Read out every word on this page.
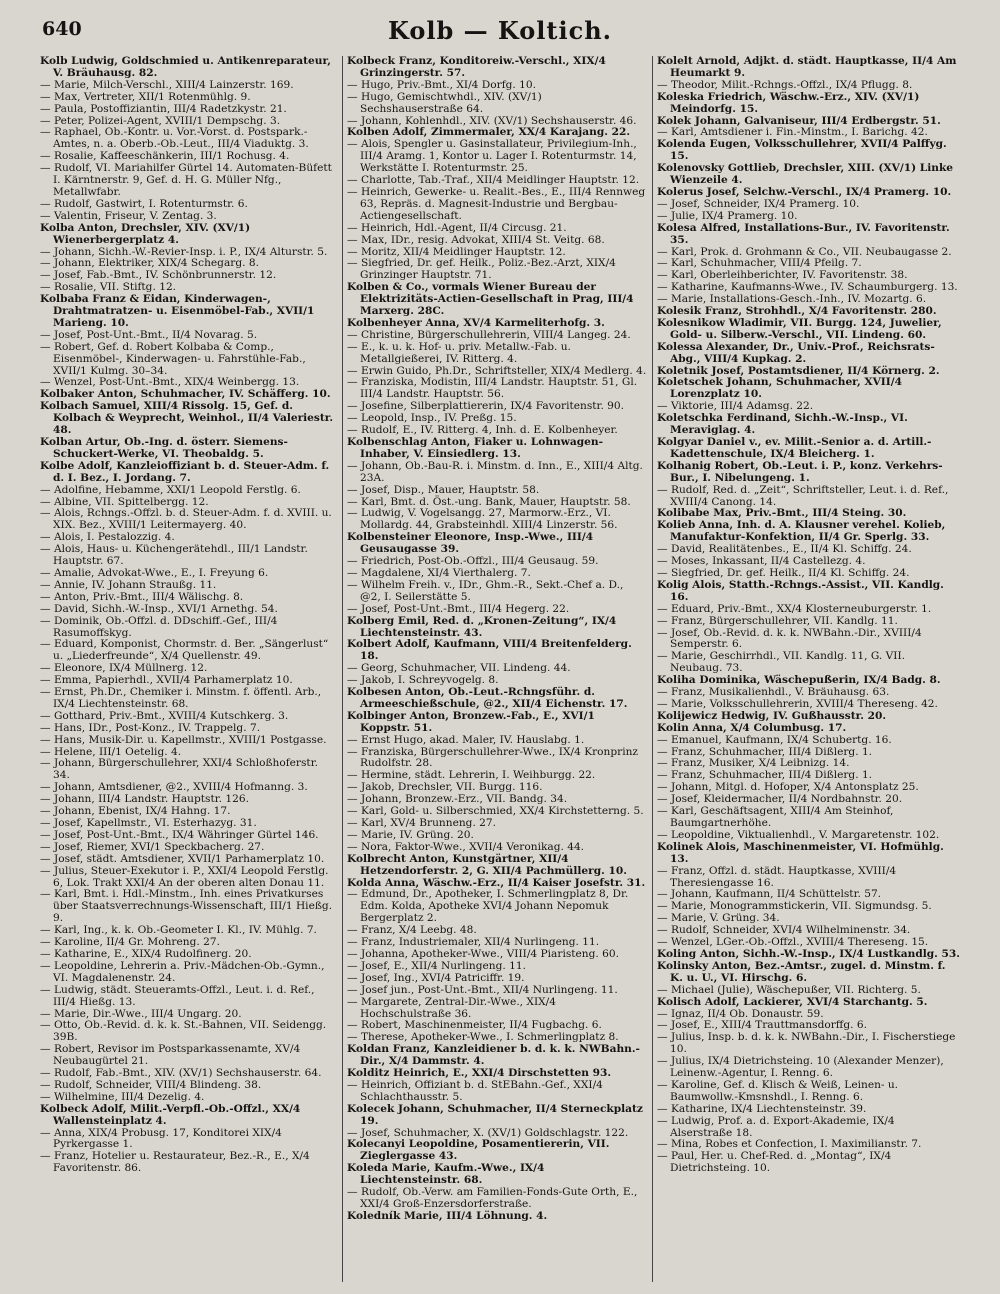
640	Kolb — Koltich.

Kolb Ludwig, Goldschmied u. Antikenreparateur, V. Bräuhausg. 82.

— Marie, Milch-Verschl., XIII/4 Lainzerstr. 169.

— Max, Vertreter, XII/1 Rotenmühlg. 9.

— Paula, Postoffiziantin, III/4 Radetzkystr. 21.

— Peter, Polizei-Agent, XVIII/1 Dempschg. 3.

— Raphael, Ob.-Kontr. u. Vor.-Vorst. d. Postspark.-Amtes, n. a. Oberb.-Ob.-Leut., III/4 Viaduktg. 3.

— Rosalie, Kaffeeschänkerin, III/1 Rochusg. 4.

— Rudolf, VI. Mariahilfer Gürtel 14. Automaten-Büfett I. Kärntnerstr. 9, Gef. d. H. G. Müller Nfg., Metallwfabr.

— Rudolf, Gastwirt, I. Rotenturmstr. 6.

— Valentin, Friseur, V. Zentag. 3.

Kolba Anton, Drechsler, XIV. (XV/1) Wienerbergerplatz 4.

— Johann, Sichh.-W.-Revier-Insp. i. P., IX/4 Alturstr. 5.

— Johann, Elektriker, XIX/4 Schegarg. 8.

— Josef, Fab.-Bmt., IV. Schönbrunnerstr. 12.

— Rosalie, VII. Stiftg. 12.

Kolbaba Franz & Eidan, Kinderwagen-, Drahtmatratzen- u. Eisenmöbel-Fab., XVII/1 Marieng. 10.

— Josef, Post-Unt.-Bmt., II/4 Novarag. 5.

— Robert, Gef. d. Robert Kolbaba & Comp., Eisenmöbel-, Kinderwagen- u. Fahrstühle-Fab., XVII/1 Kulmg. 30–34.

— Wenzel, Post-Unt.-Bmt., XIX/4 Weinbergg. 13.

Kolbaker Anton, Schuhmacher, IV. Schäfferg. 10.

Kolbach Samuel, XIII/4 Rissolg. 15, Gef. d. Kolbach & Weyprecht, Weinhol., II/4 Valeriestr. 48.

Kolban Artur, Ob.-Ing. d. österr. Siemens-Schuckert-Werke, VI. Theobaldg. 5.

Kolbe Adolf, Kanzleioffiziant b. d. Steuer-Adm. f. d. I. Bez., I. Jordang. 7.

— Adolfine, Hebamme, XXI/1 Leopold Ferstlg. 6.

— Albine, VII. Spittelbergg. 12.

— Alois, Rchngs.-Offzl. b. d. Steuer-Adm. f. d. XVIII. u. XIX. Bez., XVIII/1 Leitermayerg. 40.

— Alois, I. Pestalozzig. 4.

— Alois, Haus- u. Küchengerätehdl., III/1 Landstr. Hauptstr. 67.

— Amalie, Advokat-Wwe., E., I. Freyung 6.

— Annie, IV. Johann Straußg. 11.

— Anton, Priv.-Bmt., III/4 Wälischg. 8.

— David, Sichh.-W.-Insp., XVI/1 Arnethg. 54.

— Dominik, Ob.-Offzl. d. DDschiff.-Gef., III/4 Rasumoffskyg.

— Eduard, Komponist, Chormstr. d. Ber. „Sängerlust“ u. „Liederfreunde“, X/4 Quellenstr. 49.

— Eleonore, IX/4 Müllnerg. 12.

— Emma, Papierhdl., XVII/4 Parhamerplatz 10.

— Ernst, Ph.Dr., Chemiker i. Minstm. f. öffentl. Arb., IX/4 Liechtensteinstr. 68.

— Gotthard, Priv.-Bmt., XVIII/4 Kutschkerg. 3.

— Hans, IDr., Post-Konz., IV. Trappelg. 7.

— Hans, Musik-Dir. u. Kapellmstr., XVIII/1 Postgasse.

— Helene, III/1 Oetelig. 4.

— Johann, Bürgerschullehrer, XXI/4 Schloßhoferstr. 34.

— Johann, Amtsdiener, @2., XVIII/4 Hofmanng. 3.

— Johann, III/4 Landstr. Hauptstr. 126.

— Johann, Ebenist, IX/4 Hahng. 17.

— Josef, Kapellmstr., VI. Esterhazyg. 31.

— Josef, Post-Unt.-Bmt., IX/4 Währinger Gürtel 146.

— Josef, Riemer, XVI/1 Speckbacherg. 27.

— Josef, städt. Amtsdiener, XVII/1 Parhamerplatz 10.

— Julius, Steuer-Exekutor i. P., XXI/4 Leopold Ferstlg. 6, Lok. Trakt XXI/4 An der oberen alten Donau 11.

— Karl, Bmt. i. Hdl.-Minstm., Inh. eines Privatkurses über Staatsverrechnungs-Wissenschaft, III/1 Hießg. 9.

— Karl, Ing., k. k. Ob.-Geometer I. Kl., IV. Mühlg. 7.

— Karoline, II/4 Gr. Mohreng. 27.

— Katharine, E., XIX/4 Rudolfinerg. 20.

— Leopoldine, Lehrerin a. Priv.-Mädchen-Ob.-Gymn., VI. Magdalenenstr. 24.

— Ludwig, städt. Steueramts-Offzl., Leut. i. d. Ref., III/4 Hießg. 13.

— Marie, Dir.-Wwe., III/4 Ungarg. 20.

— Otto, Ob.-Revid. d. k. k. St.-Bahnen, VII. Seidengg. 39B.

— Robert, Revisor im Postsparkassenamte, XV/4 Neubaugürtel 21.

— Rudolf, Fab.-Bmt., XIV. (XV/1) Sechshauserstr. 64.

— Rudolf, Schneider, VIII/4 Blindeng. 38.

— Wilhelmine, III/4 Dezelig. 4.

Kolbeck Adolf, Milit.-Verpfl.-Ob.-Offzl., XX/4 Wallensteinplatz 4.

— Anna, XIX/4 Probusg. 17, Konditorei XIX/4 Pyrkergasse 1.

— Franz, Hotelier u. Restaurateur, Bez.-R., E., X/4 Favoritenstr. 86.

Kolbeck Franz, Konditoreiw.-Verschl., XIX/4 Grinzingerstr. 57.

— Hugo, Priv.-Bmt., XI/4 Dorfg. 10.

— Hugo, Gemischtwhdl., XIV. (XV/1) Sechshauserstraße 64.

— Johann, Kohlenhdl., XIV. (XV/1) Sechshauserstr. 46.

Kolben Adolf, Zimmermaler, XX/4 Karajang. 22.

— Alois, Spengler u. Gasinstallateur, Privilegium-Inh., III/4 Aramg. 1, Kontor u. Lager I. Rotenturmstr. 14, Werkstätte I. Rotenturmstr. 25.

— Charlotte, Tab.-Traf., XII/4 Meidlinger Hauptstr. 12.

— Heinrich, Gewerke- u. Realit.-Bes., E., III/4 Rennweg 63, Repräs. d. Magnesit-Industrie und Bergbau-Actiengesellschaft.

— Heinrich, Hdl.-Agent, II/4 Circusg. 21.

— Max, IDr., resig. Advokat, XIII/4 St. Veitg. 68.

— Moritz, XII/4 Meidlinger Hauptstr. 12.

— Siegfried, Dr. gef. Heilk., Poliz.-Bez.-Arzt, XIX/4 Grinzinger Hauptstr. 71.

Kolben & Co., vormals Wiener Bureau der Elektrizitäts-Actien-Gesellschaft in Prag, III/4 Marxerg. 28C.

Kolbenheyer Anna, XV/4 Karmeliterhofg. 3.

— Christine, Bürgerschullehrerin, VIII/4 Langeg. 24.

— E., k. u. k. Hof- u. priv. Metallw.-Fab. u. Metallgießerei, IV. Ritterg. 4.

— Erwin Guido, Ph.Dr., Schriftsteller, XIX/4 Medlerg. 4.

— Franziska, Modistin, III/4 Landstr. Hauptstr. 51, Gl. III/4 Landstr. Hauptstr. 56.

— Josefine, Silberplattiererin, IX/4 Favoritenstr. 90.

— Leopold, Insp., IV. Preßg. 15.

— Rudolf, E., IV. Ritterg. 4, Inh. d. E. Kolbenheyer.

Kolbenschlag Anton, Fiaker u. Lohnwagen-Inhaber, V. Einsiedlerg. 13.

— Johann, Ob.-Bau-R. i. Minstm. d. Inn., E., XIII/4 Altg. 23A.

— Josef, Disp., Mauer, Hauptstr. 58.

— Karl, Bmt. d. Öst.-ung. Bank, Mauer, Hauptstr. 58.

— Ludwig, V. Vogelsangg. 27, Marmorw.-Erz., VI. Mollardg. 44, Grabsteinhdl. XIII/4 Linzerstr. 56.

Kolbensteiner Eleonore, Insp.-Wwe., III/4 Geusaugasse 39.

— Friedrich, Post-Ob.-Offzl., III/4 Geusaug. 59.

— Magdalene, XI/4 Vierthalerg. 7.

— Wilhelm Freih. v., IDr., Ghm.-R., Sekt.-Chef a. D., @2, I. Seilerstätte 5.

— Josef, Post-Unt.-Bmt., III/4 Hegerg. 22.

Kolberg Emil, Red. d. „Kronen-Zeitung“, IX/4 Liechtensteinstr. 43.

Kolbert Adolf, Kaufmann, VIII/4 Breitenfelderg. 18.

— Georg, Schuhmacher, VII. Lindeng. 44.

— Jakob, I. Schreyvogelg. 8.

Kolbesen Anton, Ob.-Leut.-Rchngsführ. d. Armeeschießschule, @2., XII/4 Eichenstr. 17.

Kolbinger Anton, Bronzew.-Fab., E., XVI/1 Koppstr. 51.

— Ernst Hugo, akad. Maler, IV. Hauslabg. 1.

— Franziska, Bürgerschullehrer-Wwe., IX/4 Kronprinz Rudolfstr. 28.

— Hermine, städt. Lehrerin, I. Weihburgg. 22.

— Jakob, Drechsler, VII. Burgg. 116.

— Johann, Bronzew.-Erz., VII. Bandg. 34.

— Karl, Gold- u. Silberschmied, XX/4 Kirchstetterng. 5.

— Karl, XV/4 Brunneng. 27.

— Marie, IV. Grüng. 20.

— Nora, Faktor-Wwe., XVII/4 Veronikag. 44.

Kolbrecht Anton, Kunstgärtner, XII/4 Hetzendorferstr. 2, G. XII/4 Pachmüllerg. 10.

Kolda Anna, Wäschw.-Erz., II/4 Kaiser Josefstr. 31.

— Edmund, Dr., Apotheker, I. Schmerlingplatz 8, Dr. Edm. Kolda, Apotheke XVI/4 Johann Nepomuk Bergerplatz 2.

— Franz, X/4 Leebg. 48.

— Franz, Industriemaler, XII/4 Nurlingeng. 11.

— Johanna, Apotheker-Wwe., VIII/4 Piaristeng. 60.

— Josef, E., XII/4 Nurlingeng. 11.

— Josef, Ing., XVI/4 Patriciffr. 19.

— Josef jun., Post-Unt.-Bmt., XII/4 Nurlingeng. 11.

— Margarete, Zentral-Dir.-Wwe., XIX/4 Hochschulstraße 36.

— Robert, Maschinenmeister, II/4 Fugbachg. 6.

— Therese, Apotheker-Wwe., I. Schmerlingplatz 8.

Koldan Franz, Kanzleidiener b. d. k. k. NWBahn.-Dir., X/4 Dammstr. 4.

Kolditz Heinrich, E., XXI/4 Dirschstetten 93.

— Heinrich, Offiziant b. d. StEBahn.-Gef., XXI/4 Schlachthausstr. 5.

Kolecek Johann, Schuhmacher, II/4 Sterneckplatz 19.

— Josef, Schuhmacher, X. (XV/1) Goldschlagstr. 122.

Kolecanyi Leopoldine, Posamentiererin, VII. Zieglergasse 43.

Koleda Marie, Kaufm.-Wwe., IX/4 Liechtensteinstr. 68.

— Rudolf, Ob.-Verw. am Familien-Fonds-Gute Orth, E., XXI/4 Groß-Enzersdorferstraße.

Koledník Marie, III/4 Löhnung. 4.

Kolelt Arnold, Adjkt. d. städt. Hauptkasse, II/4 Am Heumarkt 9.

— Theodor, Milit.-Rchngs.-Offzl., IX/4 Pflugg. 8.

Koleska Friedrich, Wäschw.-Erz., XIV. (XV/1) Meindorfg. 15.

Kolek Johann, Galvaniseur, III/4 Erdbergstr. 51.

— Karl, Amtsdiener i. Fin.-Minstm., I. Barichg. 42.

Kolenda Eugen, Volksschullehrer, XVII/4 Palffyg. 15.

Kolenovsky Gottlieb, Drechsler, XIII. (XV/1) Linke Wienzeile 4.

Kolerus Josef, Selchw.-Verschl., IX/4 Pramerg. 10.

— Josef, Schneider, IX/4 Pramerg. 10.

— Julie, IX/4 Pramerg. 10.

Kolesa Alfred, Installations-Bur., IV. Favoritenstr. 35.

— Karl, Prok. d. Grohmann & Co., VII. Neubaugasse 2.

— Karl, Schuhmacher, VIII/4 Pfeilg. 7.

— Karl, Oberleihberichter, IV. Favoritenstr. 38.

— Katharine, Kaufmanns-Wwe., IV. Schaumburgerg. 13.

— Marie, Installations-Gesch.-Inh., IV. Mozartg. 6.

Kolesik Franz, Strohhdl., X/4 Favoritenstr. 280.

Kolesnikow Wladimir, VII. Burgg. 124, Juwelier, Gold- u. Silberw.-Verschl., VII. Lindeng. 60.

Kolessa Alexander, Dr., Univ.-Prof., Reichsrats-Abg., VIII/4 Kupkag. 2.

Koletnik Josef, Postamtsdiener, II/4 Körnerg. 2.

Koletschek Johann, Schuhmacher, XVII/4 Lorenzplatz 10.

— Viktorie, III/4 Adamsg. 22.

Koletschka Ferdinand, Sichh.-W.-Insp., VI. Meraviglag. 4.

Kolgyar Daniel v., ev. Milit.-Senior a. d. Artill.-Kadettenschule, IX/4 Bleicherg. 1.

Kolhanig Robert, Ob.-Leut. i. P., konz. Verkehrs-Bur., I. Nibelungeng. 1.

— Rudolf, Red. d. „Zeit“, Schriftsteller, Leut. i. d. Ref., XVIII/4 Canong. 14.

Kolibabe Max, Priv.-Bmt., III/4 Steing. 30.

Kolieb Anna, Inh. d. A. Klausner verehel. Kolieb, Manufaktur-Konfektion, II/4 Gr. Sperlg. 33.

— David, Realitätenbes., E., II/4 Kl. Schiffg. 24.

— Moses, Inkassant, II/4 Castellezg. 4.

— Siegfried, Dr. gef. Heilk., II/4 Kl. Schiffg. 24.

Kolig Alois, Statth.-Rchngs.-Assist., VII. Kandlg. 16.

— Eduard, Priv.-Bmt., XX/4 Klosterneuburgerstr. 1.

— Franz, Bürgerschullehrer, VII. Kandlg. 11.

— Josef, Ob.-Revid. d. k. k. NWBahn.-Dir., XVIII/4 Semperstr. 6.

— Marie, Geschirrhdl., VII. Kandlg. 11, G. VII. Neubaug. 73.

Koliha Dominika, Wäschepußerin, IX/4 Badg. 8.

— Franz, Musikalienhdl., V. Bräuhausg. 63.

— Marie, Volksschullehrerin, XVIII/4 Thereseng. 42.

Kolijewicz Hedwig, IV. Gußhausstr. 20.

Kolin Anna, X/4 Columbusg. 17.

— Emanuel, Kaufmann, IX/4 Schubertg. 16.

— Franz, Schuhmacher, III/4 Dißlerg. 1.

— Franz, Musiker, X/4 Leibnizg. 14.

— Franz, Schuhmacher, III/4 Dißlerg. 1.

— Johann, Mitgl. d. Hofoper, X/4 Antonsplatz 25.

— Josef, Kleidermacher, II/4 Nordbahnstr. 20.

— Karl, Geschäftsagent, XIII/4 Am Steinhof, Baumgartnerhöhe.

— Leopoldine, Viktualienhdl., V. Margaretenstr. 102.

Kolinek Alois, Maschinenmeister, VI. Hofmühlg. 13.

— Franz, Offzl. d. städt. Hauptkasse, XVIII/4 Theresiengasse 16.

— Johann, Kaufmann, II/4 Schüttelstr. 57.

— Marie, Monogrammstickerin, VII. Sigmundsg. 5.

— Marie, V. Grüng. 34.

— Rudolf, Schneider, XVI/4 Wilhelminenstr. 34.

— Wenzel, LGer.-Ob.-Offzl., XVIII/4 Thereseng. 15.

Koling Anton, Sichh.-W.-Insp., IX/4 Lustkandlg. 53.

Kolinsky Anton, Bez.-Amtsr., zugel. d. Minstm. f. K. u. U., VI. Hirschg. 6.

— Michael (Julie), Wäschepußer, VII. Richterg. 5.

Kolisch Adolf, Lackierer, XVI/4 Starchantg. 5.

— Ignaz, II/4 Ob. Donaustr. 59.

— Josef, E., XIII/4 Trauttmansdorffg. 6.

— Julius, Insp. b. d. k. k. NWBahn.-Dir., I. Fischerstiege 10.

— Julius, IX/4 Dietrichsteing. 10 (Alexander Menzer), Leinenw.-Agentur, I. Renng. 6.

— Karoline, Gef. d. Klisch & Weiß, Leinen- u. Baumwollw.-Kmsnshdl., I. Renng. 6.

— Katharine, IX/4 Liechtensteinstr. 39.

— Ludwig, Prof. a. d. Export-Akademie, IX/4 Alserstraße 18.

— Mina, Robes et Confection, I. Maximilianstr. 7.

— Paul, Her. u. Chef-Red. d. „Montag“, IX/4 Dietrichsteing. 10.
